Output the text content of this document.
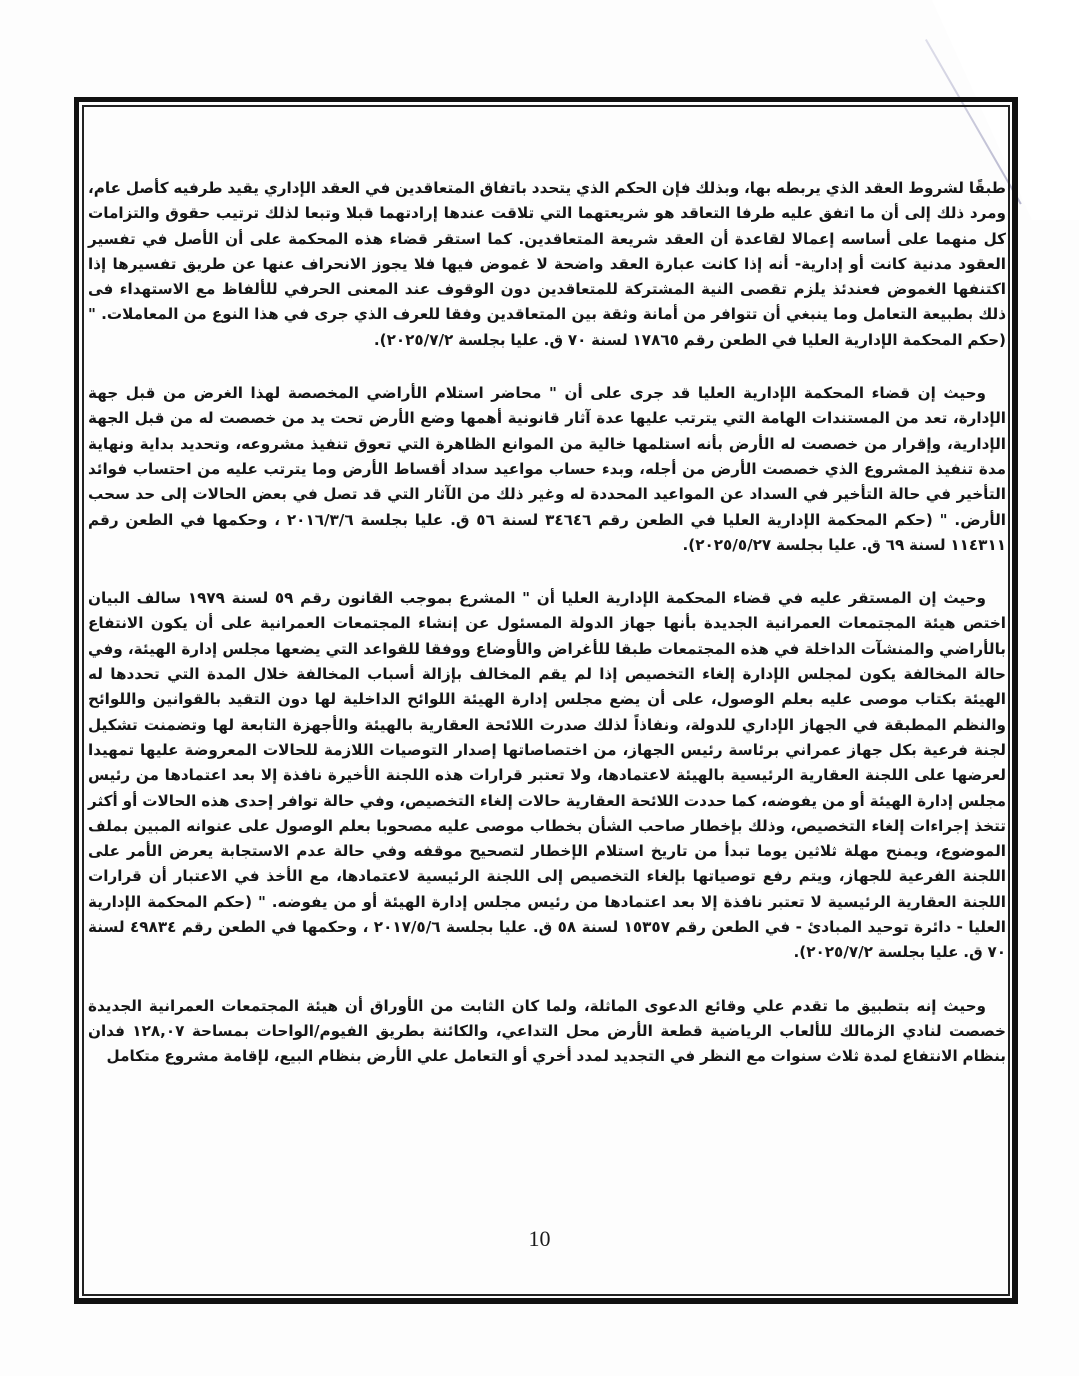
طبقًا لشروط العقد الذي يربطه بها، وبذلك فإن الحكم الذي يتحدد باتفاق المتعاقدين في العقد الإداري يقيد طرفيه كأصل عام، ومرد ذلك إلى أن ما اتفق عليه طرفا التعاقد هو شريعتهما التي تلاقت عندها إرادتهما قبلا وتبعا لذلك ترتيب حقوق والتزامات كل منهما على أساسه إعمالا لقاعدة أن العقد شريعة المتعاقدين. كما استقر قضاء هذه المحكمة على أن الأصل في تفسير العقود مدنية كانت أو إدارية- أنه إذا كانت عبارة العقد واضحة لا غموض فيها فلا يجوز الانحراف عنها عن طريق تفسيرها إذا اكتنفها الغموض فعندئذ يلزم تقصى النية المشتركة للمتعاقدين دون الوقوف عند المعنى الحرفي للألفاظ مع الاستهداء فى ذلك بطبيعة التعامل وما ينبغي أن تتوافر من أمانة وثقة بين المتعاقدين وفقا للعرف الذي جرى في هذا النوع من المعاملات. " (حكم المحكمة الإدارية العليا في الطعن رقم ١٧٨٦٥ لسنة ٧٠ ق. عليا بجلسة ٢٠٢٥/٧/٢).

وحيث إن قضاء المحكمة الإدارية العليا قد جرى على أن " محاضر استلام الأراضي المخصصة لهذا الغرض من قبل جهة الإدارة، تعد من المستندات الهامة التي يترتب عليها عدة آثار قانونية أهمها وضع الأرض تحت يد من خصصت له من قبل الجهة الإدارية، وإقرار من خصصت له الأرض بأنه استلمها خالية من الموانع الظاهرة التي تعوق تنفيذ مشروعه، وتحديد بداية ونهاية مدة تنفيذ المشروع الذي خصصت الأرض من أجله، وبدء حساب مواعيد سداد أقساط الأرض وما يترتب عليه من احتساب فوائد التأخير في حالة التأخير في السداد عن المواعيد المحددة له وغير ذلك من الآثار التي قد تصل في بعض الحالات إلى حد سحب الأرض. " (حكم المحكمة الإدارية العليا في الطعن رقم ٣٤٦٤٦ لسنة ٥٦ ق. عليا بجلسة ٢٠١٦/٣/٦ ، وحكمها في الطعن رقم ١١٤٣١١ لسنة ٦٩ ق. عليا بجلسة ٢٠٢٥/٥/٢٧).

وحيث إن المستقر عليه في قضاء المحكمة الإدارية العليا أن " المشرع بموجب القانون رقم ٥٩ لسنة ١٩٧٩ سالف البيان اختص هيئة المجتمعات العمرانية الجديدة بأنها جهاز الدولة المسئول عن إنشاء المجتمعات العمرانية على أن يكون الانتفاع بالأراضي والمنشآت الداخلة في هذه المجتمعات طبقا للأغراض والأوضاع ووفقا للقواعد التي يضعها مجلس إدارة الهيئة، وفي حالة المخالفة يكون لمجلس الإدارة إلغاء التخصيص إذا لم يقم المخالف بإزالة أسباب المخالفة خلال المدة التي تحددها له الهيئة بكتاب موصى عليه بعلم الوصول، على أن يضع مجلس إدارة الهيئة اللوائح الداخلية لها دون التقيد بالقوانين واللوائح والنظم المطبقة في الجهاز الإداري للدولة، ونفاذاً لذلك صدرت اللائحة العقارية بالهيئة والأجهزة التابعة لها وتضمنت تشكيل لجنة فرعية بكل جهاز عمراني برئاسة رئيس الجهاز، من اختصاصاتها إصدار التوصيات اللازمة للحالات المعروضة عليها تمهيدا لعرضها على اللجنة العقارية الرئيسية بالهيئة لاعتمادها، ولا تعتبر قرارات هذه اللجنة الأخيرة نافذة إلا بعد اعتمادها من رئيس مجلس إدارة الهيئة أو من يفوضه، كما حددت اللائحة العقارية حالات إلغاء التخصيص، وفي حالة توافر إحدى هذه الحالات أو أكثر تتخذ إجراءات إلغاء التخصيص، وذلك بإخطار صاحب الشأن بخطاب موصى عليه مصحوبا بعلم الوصول على عنوانه المبين بملف الموضوع، ويمنح مهلة ثلاثين يوما تبدأ من تاريخ استلام الإخطار لتصحيح موقفه وفي حالة عدم الاستجابة يعرض الأمر على اللجنة الفرعية للجهاز، ويتم رفع توصياتها بإلغاء التخصيص إلى اللجنة الرئيسية لاعتمادها، مع الأخذ في الاعتبار أن قرارات اللجنة العقارية الرئيسية لا تعتبر نافذة إلا بعد اعتمادها من رئيس مجلس إدارة الهيئة أو من يفوضه. " (حكم المحكمة الإدارية العليا - دائرة توحيد المبادئ - في الطعن رقم ١٥٣٥٧ لسنة ٥٨ ق. عليا بجلسة ٢٠١٧/٥/٦ ، وحكمها في الطعن رقم ٤٩٨٣٤ لسنة ٧٠ ق. عليا بجلسة ٢٠٢٥/٧/٢).

وحيث إنه بتطبيق ما تقدم علي وقائع الدعوى الماثلة، ولما كان الثابت من الأوراق أن هيئة المجتمعات العمرانية الجديدة خصصت لنادي الزمالك للألعاب الرياضية قطعة الأرض محل التداعي، والكائنة بطريق الفيوم/الواحات بمساحة ١٢٨,٠٧ فدان بنظام الانتفاع لمدة ثلاث سنوات مع النظر في التجديد لمدد أخري أو التعامل علي الأرض بنظام البيع، لإقامة مشروع متكامل

10
